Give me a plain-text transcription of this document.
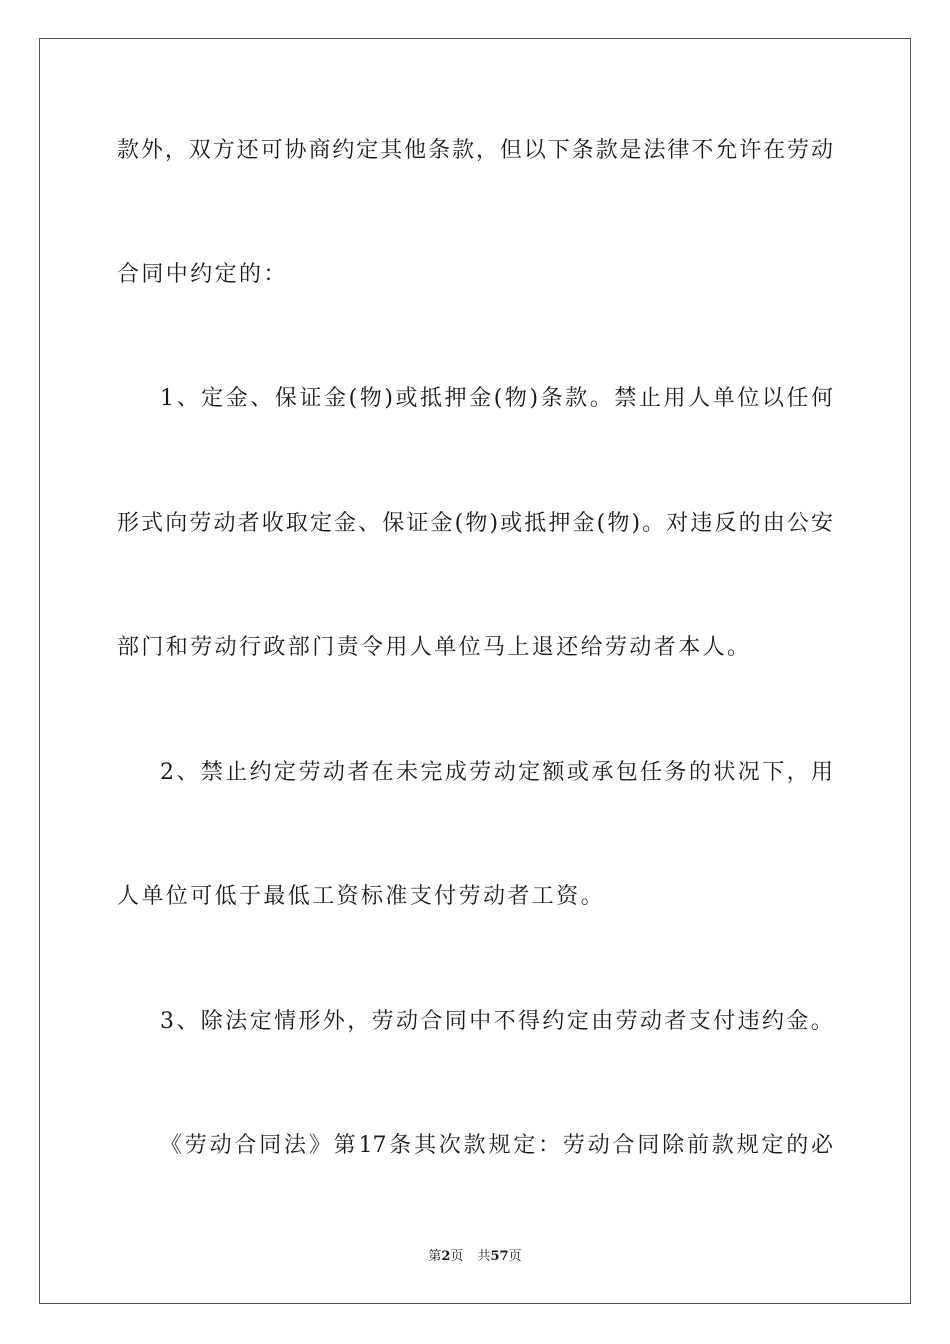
款外，双方还可协商约定其他条款，但以下条款是法律不允许在劳动
合同中约定的：
1、定金、保证金(物)或抵押金(物)条款。禁止用人单位以任何
形式向劳动者收取定金、保证金(物)或抵押金(物)。对违反的由公安
部门和劳动行政部门责令用人单位马上退还给劳动者本人。
2、禁止约定劳动者在未完成劳动定额或承包任务的状况下，用
人单位可低于最低工资标准支付劳动者工资。
3、除法定情形外，劳动合同中不得约定由劳动者支付违约金。
《劳动合同法》第17条其次款规定：劳动合同除前款规定的必
第2页 共57页
